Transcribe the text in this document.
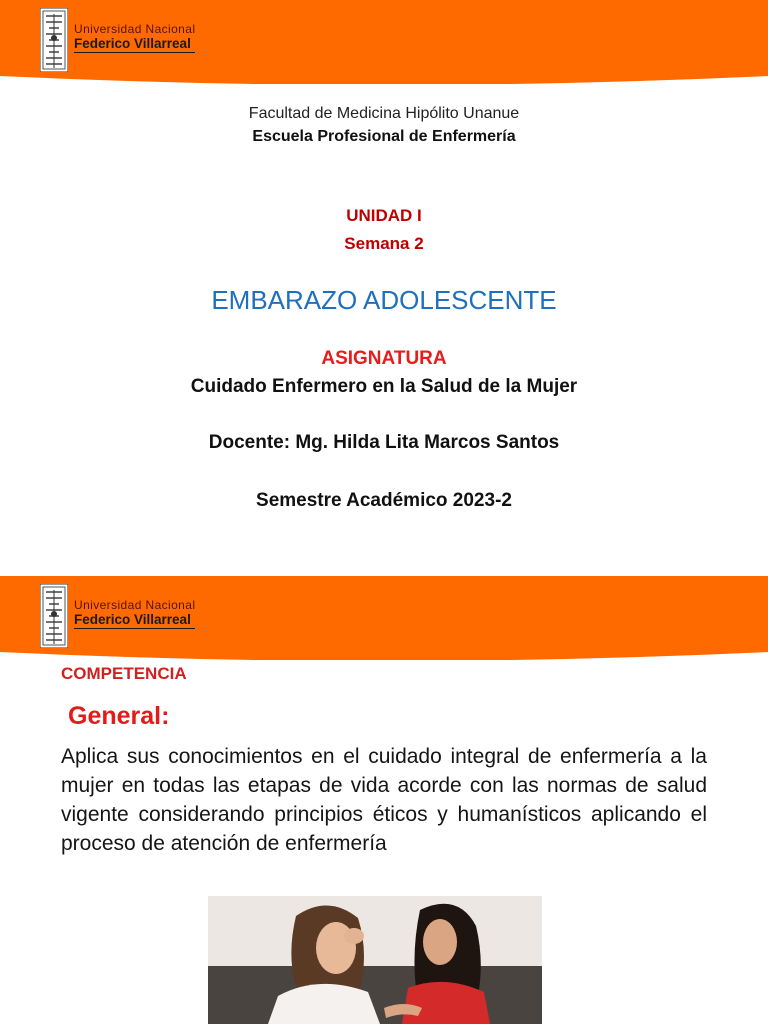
Universidad Nacional
Federico Villarreal
Facultad de Medicina Hipólito Unanue
Escuela Profesional de Enfermería
UNIDAD I
Semana 2
EMBARAZO ADOLESCENTE
ASIGNATURA
Cuidado Enfermero en la Salud de la Mujer
Docente: Mg. Hilda Lita Marcos Santos
Semestre Académico 2023-2
Universidad Nacional
Federico Villarreal
COMPETENCIA
General:
Aplica sus conocimientos en el cuidado integral de enfermería a la mujer en todas las etapas de vida acorde con las normas de salud vigente considerando principios éticos y humanísticos aplicando el proceso de atención de enfermería
